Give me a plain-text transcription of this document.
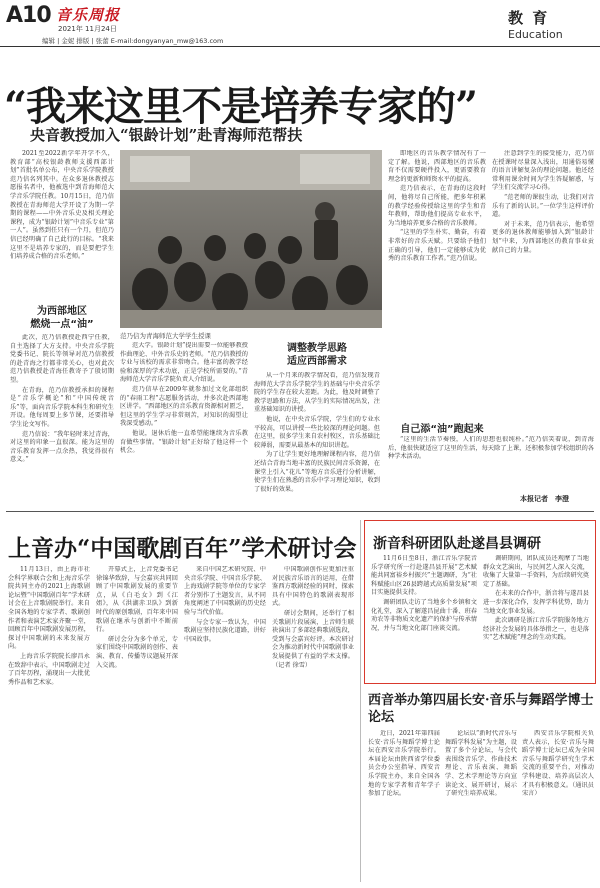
A10 音乐周报
2021年 11月24日
编辑 | 金妮 排版 | 张蕾 E-mail:dongyanyan_mw@163.com
教 育
Education
“我来这里不是培养专家的”
央音教授加入“银龄计划”赴青海师范帮扶
范乃信为青海师范大学学生授课

2021至2022新学年开学不久，教育部“高校银龄教师支援西部计划”首批名单公布，中央音乐学院教授范乃信名列其中。在众多退休教授志愿报名者中，他被选中到青海师范大学音乐学院任教。10月15日，范乃信教授在青海师范大学开设了为期一学期的课程——中外音乐史及相关理论课程，成为“银龄计划”中音乐专业“第一人”。虽然到任只有一个月，但范乃信已经明确了自己此行的目标。“我来这里不是培养专家的，而是要把学生们培养成合格的音乐老师。”

为西部地区
燃烧一点“油”

此次，范乃信教授赴西宁任教，自主选择了大方支持。中央音乐学院党委书记、院长等领导对范乃信教授的赴青海之行都非常关心，也对此次范乃信教授赴青海任教寄予了殷切期望。

在青海，范乃信教授承担的课程是“音乐学概论”和“中国传统音乐”等，面向音乐学院本科生和研究生开设。他每周要上多节课，还要指导学生论文写作。

范乃信说：“我年轻时来过青海，对这里的印象一直很深。能为这里的音乐教育发挥一点余热，我觉得很有意义。”

范大学。银龄计划”提出需要一位能够教授作曲理论、中外音乐史的老师。“范乃信教授的专业与该校的需求非常吻合。他丰富的教学经验和深厚的学术功底，正是学校所需要的。”青海师范大学音乐学院负责人介绍说。

范乃信早在2009年就参加过文化部组织的“春雨工程”志愿服务活动，并多次赴西部地区讲学。“西部地区的音乐教育资源相对匮乏，但这里的学生学习非常刻苦，对知识的渴望让我深受感动。”

他说，退休后他一直希望能继续为音乐教育做些事情。“银龄计划”正好给了他这样一个机会。

调整教学思路
适应西部需求

从一个月来的教学情况看，范乃信发现青海师范大学音乐学院学生的基础与中央音乐学院的学生存在较大差距。为此，他及时调整了教学思路和方法，从学生的实际情况出发，注重基础知识的讲授。

他说，在中央音乐学院，学生们的专业水平较高，可以讲授一些比较深的理论问题。但在这里，很多学生来自农村牧区，音乐基础比较薄弱，需要从最基本的知识讲起。

为了让学生更好地理解课程内容，范乃信还结合青海当地丰富的民族民间音乐资源，在课堂上引入“花儿”等地方音乐进行分析讲解，使学生们在熟悉的音乐中学习理论知识，收到了很好的效果。

即地区的音乐教学情况有了一定了解。他说，西部地区的音乐教育不仅需要硬件投入，更需要教育理念的更新和师资水平的提高。

范乃信表示，在青海的这段时间，他将尽自己所能，把多年积累的教学经验传授给这里的学生和青年教师，帮助他们提高专业水平，为当地培养更多合格的音乐教师。

“这里的学生朴实、勤奋，有着非常好的音乐天赋。只要给予他们正确的引导，他们一定能够成为优秀的音乐教育工作者。”范乃信说。

注意到学生的接受能力，范乃信在授课时尽量深入浅出，用通俗易懂的语言讲解复杂的理论问题。他还经常利用课余时间为学生答疑解惑，与学生们交流学习心得。

“范老师的课很生动，让我们对音乐有了新的认识。”一位学生这样评价道。

对于未来，范乃信表示，他希望更多的退休教师能够加入到“银龄计划”中来，为西部地区的教育事业贡献自己的力量。

自己添“油”跑起来

“这里的生活节奏慢，人们的思想也很纯朴。”范乃信笑着说，到青海后，他很快就适应了这里的生活，每天除了上课，还积极参加学校组织的各种学术活动。

本报记者　李澄
上音办“中国歌剧百年”学术研讨会

11月13日，由上海市社会科学界联合会和上海音乐学院共同主办的2021上海歌剧论坛暨“中国歌剧百年”学术研讨会在上音歌剧院举行。来自全国各地的专家学者、歌剧创作者和表演艺术家齐聚一堂，回顾百年中国歌剧发展历程，探讨中国歌剧的未来发展方向。

上海音乐学院院长廖昌永在致辞中表示，中国歌剧走过了百年历程，涌现出一大批优秀作品和艺术家。

开幕式上，上音党委书记徐锦华致辞，与会嘉宾共同回顾了中国歌剧发展的重要节点，从《白毛女》到《江姐》，从《洪湖赤卫队》到新时代的原创歌剧，百年来中国歌剧在继承与创新中不断前行。

研讨会分为多个单元，专家们围绕中国歌剧的创作、表演、教育、传播等议题展开深入交流。

来自中国艺术研究院、中央音乐学院、中国音乐学院、上海戏剧学院等单位的专家学者分别作了主题发言，从不同角度阐述了中国歌剧的历史经验与当代价值。

与会专家一致认为，中国歌剧应坚持民族化道路，讲好中国故事。

中国歌剧创作应更加注重对民族音乐语言的运用，在借鉴西方歌剧经验的同时，探索具有中国特色的歌剧表现形式。

研讨会期间，还举行了相关歌剧片段展演，上音师生联袂演出了多部经典歌剧选段，受到与会嘉宾好评。本次研讨会为推动新时代中国歌剧事业发展提供了有益的学术支撑。（记者 徐雪）

浙音科研团队赴遂昌县调研

11月6日至8日，浙江音乐学院音乐学研究所一行赴遂昌县开展“艺术赋能共同富裕乡村振兴”主题调研，为“社科赋能山区26县跨越式高质量发展”项目实施提供支持。

调研团队走访了当地多个乡镇和文化礼堂，深入了解遂昌昆曲十番、班春劝农等非物质文化遗产的保护与传承情况，并与当地文化部门座谈交流。

调研期间，团队成员还观摩了当地群众文艺演出，与民间艺人深入交流，收集了大量第一手资料，为后续研究奠定了基础。

在未来的合作中，浙音将与遂昌县进一步深化合作，发挥学科优势，助力当地文化事业发展。

此次调研是浙江音乐学院服务地方经济社会发展的具体举措之一，也是落实“艺术赋能”理念的生动实践。

西音举办第四届长安·音乐与舞蹈学博士论坛

近日，2021年第四届长安·音乐与舞蹈学博士论坛在西安音乐学院举行。本届论坛由陕西省学位委员会办公室指导、西安音乐学院主办，来自全国各地的专家学者和青年学子参加了论坛。

论坛以“新时代音乐与舞蹈学科发展”为主题，设置了多个分论坛，与会代表围绕音乐学、作曲技术理论、音乐表演、舞蹈学、艺术学理论等方向宣读论文、展开研讨，展示了研究生培养成果。

西安音乐学院相关负责人表示，长安·音乐与舞蹈学博士论坛已成为全国音乐与舞蹈学研究生学术交流的重要平台，对推动学科建设、培养高层次人才具有积极意义。（通讯员 宋言）
